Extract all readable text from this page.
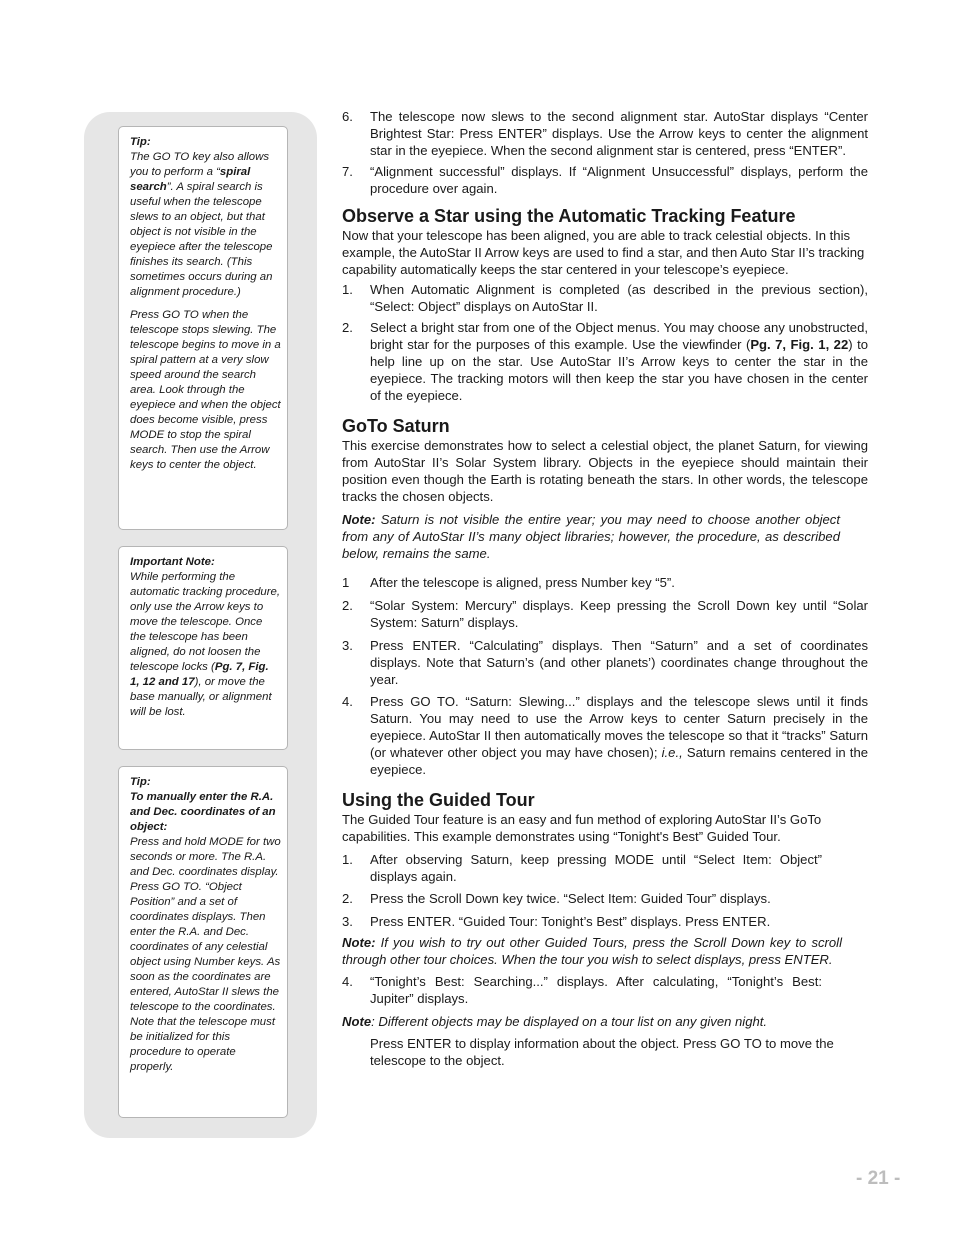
Tip:

The GO TO key also allows you to perform a “spiral search”. A spiral search is useful when the telescope slews to an object, but that object is not visible in the eyepiece after the telescope finishes its search. (This sometimes occurs during an alignment procedure.)

Press GO TO when the telescope stops slewing. The telescope begins to move in a spiral pattern at a very slow speed around the search area. Look through the eyepiece and when the object does become visible, press MODE to stop the spiral search. Then use the Arrow keys to center the object.

Important Note:

While performing the automatic tracking procedure, only use the Arrow keys to move the telescope. Once the telescope has been aligned, do not loosen the telescope locks (Pg. 7, Fig. 1, 12 and 17), or move the base manually, or alignment will be lost.

Tip:

To manually enter the R.A. and Dec. coordinates of an object:

Press and hold MODE for two seconds or more. The R.A. and Dec. coordinates display. Press GO TO. “Object Position” and a set of coordinates displays. Then enter the R.A. and Dec. coordinates of any celestial object using Number keys. As soon as the coordinates are entered, AutoStar II slews the telescope to the coordinates. Note that the telescope must be initialized for this procedure to operate properly.

6. The telescope now slews to the second alignment star. AutoStar displays “Center Brightest Star: Press ENTER” displays. Use the Arrow keys to center the alignment star in the eyepiece. When the second alignment star is centered, press “ENTER”.
7. “Alignment successful” displays. If “Alignment Unsuccessful” displays, perform the procedure over again.
Observe a Star using the Automatic Tracking Feature

Now that your telescope has been aligned, you are able to track celestial objects. In this example, the AutoStar II Arrow keys are used to find a star, and then Auto Star II’s tracking capability automatically keeps the star centered in your telescope’s eyepiece.

1. When Automatic Alignment is completed (as described in the previous section), “Select: Object” displays on AutoStar II.
2. Select a bright star from one of the Object menus. You may choose any unobstructed, bright star for the purposes of this example. Use the viewfinder (Pg. 7, Fig. 1, 22) to help line up on the star. Use AutoStar II’s Arrow keys to center the star in the eyepiece. The tracking motors will then keep the star you have chosen in the center of the eyepiece.
GoTo Saturn

This exercise demonstrates how to select a celestial object, the planet Saturn, for viewing from AutoStar II’s Solar System library. Objects in the eyepiece should maintain their position even though the Earth is rotating beneath the stars. In other words, the telescope tracks the chosen objects.

Note: Saturn is not visible the entire year; you may need to choose another object from any of AutoStar II’s many object libraries; however, the procedure, as described below, remains the same.

1 After the telescope is aligned, press Number key “5”.
2. “Solar System: Mercury” displays. Keep pressing the Scroll Down key until “Solar System: Saturn” displays.
3. Press ENTER. “Calculating” displays. Then “Saturn” and a set of coordinates displays. Note that Saturn’s (and other planets’) coordinates change throughout the year.
4. Press GO TO. “Saturn: Slewing...” displays and the telescope slews until it finds Saturn. You may need to use the Arrow keys to center Saturn precisely in the eyepiece. AutoStar II then automatically moves the telescope so that it “tracks” Saturn (or whatever other object you may have chosen); i.e., Saturn remains centered in the eyepiece.
Using the Guided Tour

The Guided Tour feature is an easy and fun method of exploring AutoStar II’s GoTo capabilities. This example demonstrates using “Tonight's Best” Guided Tour.

1. After observing Saturn, keep pressing MODE until “Select Item: Object” displays again.
2. Press the Scroll Down key twice. “Select Item: Guided Tour” displays.
3. Press ENTER. “Guided Tour: Tonight’s Best” displays. Press ENTER.

Note: If you wish to try out other Guided Tours, press the Scroll Down key to scroll through other tour choices. When the tour you wish to select displays, press ENTER.

4. “Tonight’s Best: Searching...” displays. After calculating, “Tonight’s Best: Jupiter” displays.

Note: Different objects may be displayed on a tour list on any given night.

Press ENTER to display information about the object. Press GO TO to move the telescope to the object.

- 21 -
